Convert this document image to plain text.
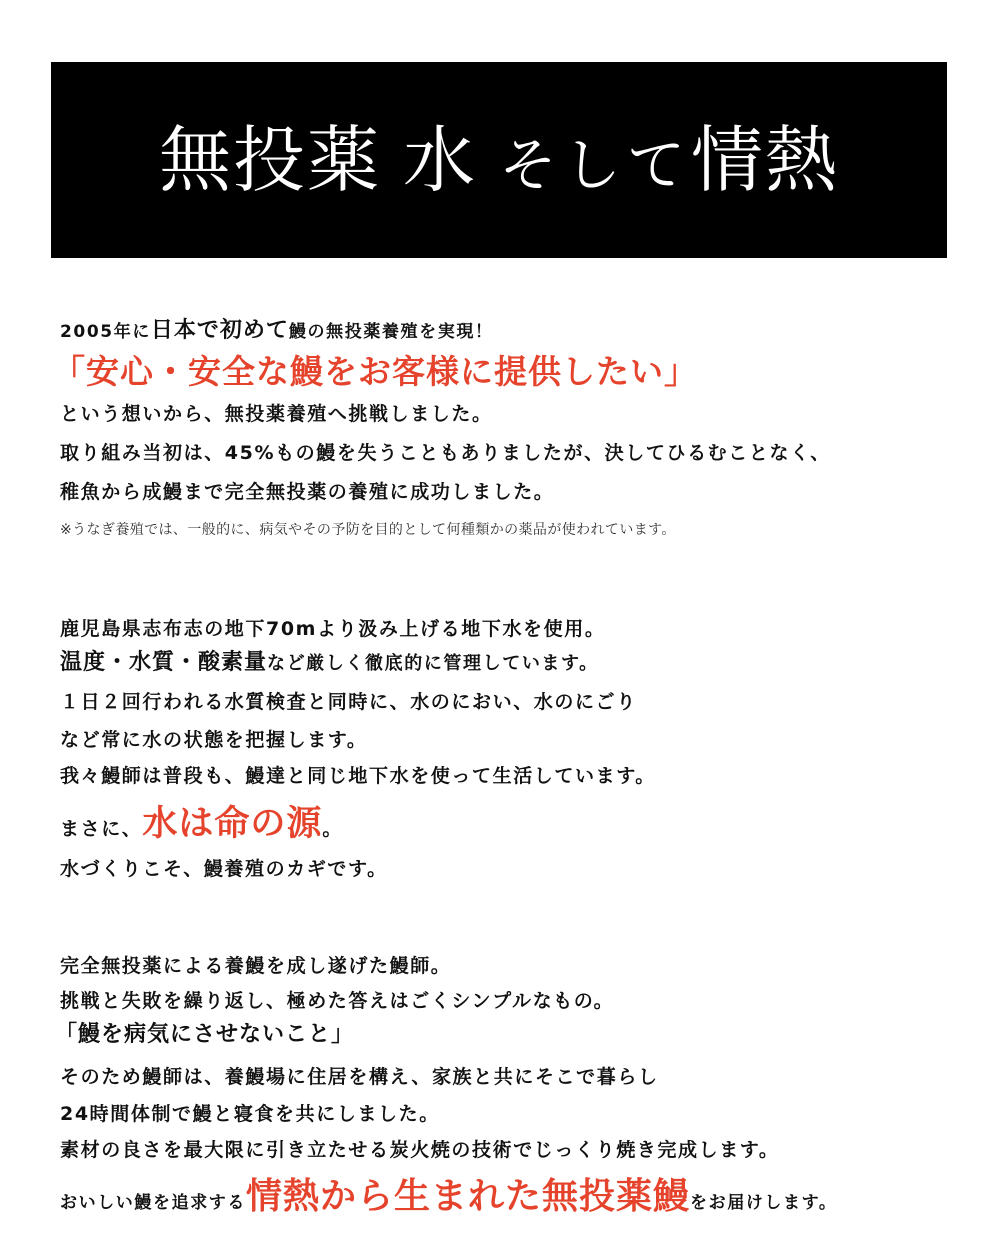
無投薬 水 そして情熱
2005年に日本で初めて鰻の無投薬養殖を実現！
「安心・安全な鰻をお客様に提供したい」
という想いから、無投薬養殖へ挑戦しました。
取り組み当初は、45%もの鰻を失うこともありましたが、決してひるむことなく、
稚魚から成鰻まで完全無投薬の養殖に成功しました。
※うなぎ養殖では、一般的に、病気やその予防を目的として何種類かの薬品が使われています。
鹿児島県志布志の地下70mより汲み上げる地下水を使用。
温度・水質・酸素量など厳しく徹底的に管理しています。
１日２回行われる水質検査と同時に、水のにおい、水のにごり
など常に水の状態を把握します。
我々鰻師は普段も、鰻達と同じ地下水を使って生活しています。
まさに、水は命の源。
水づくりこそ、鰻養殖のカギです。
完全無投薬による養鰻を成し遂げた鰻師。
挑戦と失敗を繰り返し、極めた答えはごくシンプルなもの。
「鰻を病気にさせないこと」
そのため鰻師は、養鰻場に住居を構え、家族と共にそこで暮らし
24時間体制で鰻と寝食を共にしました。
素材の良さを最大限に引き立たせる炭火焼の技術でじっくり焼き完成します。
おいしい鰻を追求する情熱から生まれた無投薬鰻をお届けします。
